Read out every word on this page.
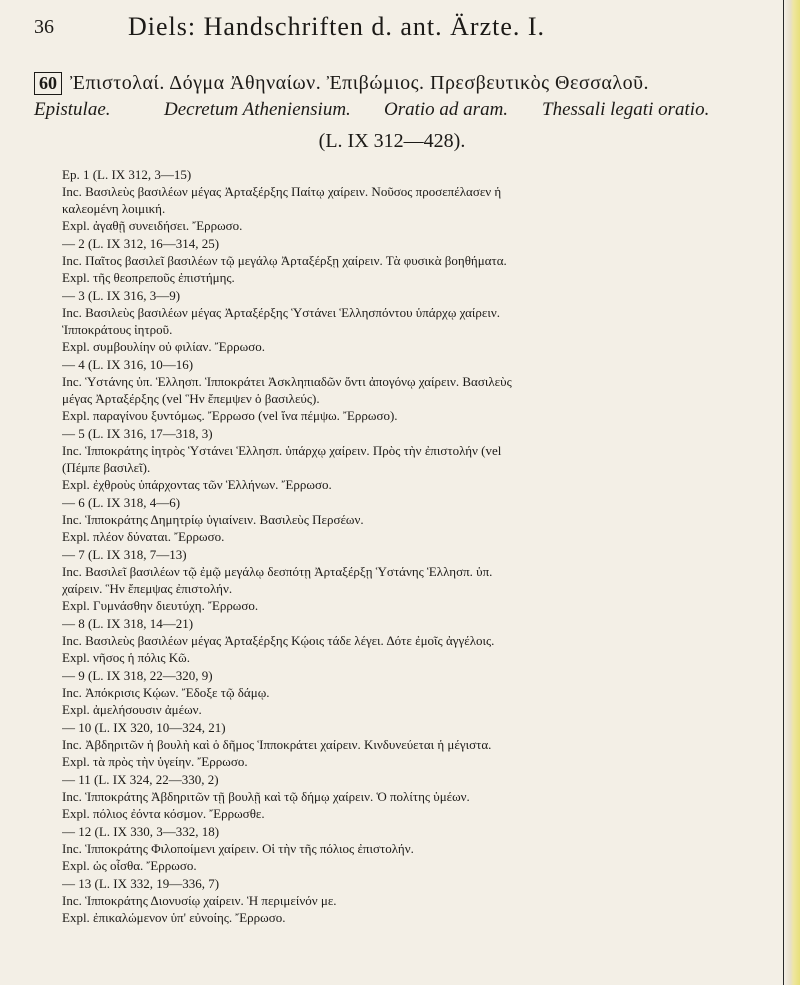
36	Diels: Handschriften d. ant. Ärzte. I.
60 Ἐπιστολαί. Δόγμα Ἀθηναίων. Ἐπιβώμιος. Πρεσβευτικὸς Θεσσαλοῦ.
Epistulae.	Decretum Atheniensium. Oratio ad aram. Thessali legati oratio.
(L. IX 312—428).
Ep. 1 (L. IX 312, 3—15)
Inc. Βασιλεὺς βασιλέων μέγας Ἀρταξέρξης Παίτῳ χαίρειν. Νοῦσος προσεπέλασεν ἡ
καλεομένη λοιμική.
Expl. ἀγαθῇ συνειδήσει. Ἔρρωσο.
— 2 (L. IX 312, 16—314, 25)
Inc. Παῖτος βασιλεῖ βασιλέων τῷ μεγάλῳ Ἀρταξέρξῃ χαίρειν. Τὰ φυσικὰ βοηθήματα.
Expl. τῆς θεοπρεποῦς ἐπιστήμης.
— 3 (L. IX 316, 3—9)
Inc. Βασιλεὺς βασιλέων μέγας Ἀρταξέρξης Ὑστάνει Ἑλλησπόντου ὑπάρχῳ χαίρειν.
Ἱπποκράτους ἰητροῦ.
Expl. συμβουλίην οὐ φιλίαν. Ἔρρωσο.
— 4 (L. IX 316, 10—16)
Inc. Ὑστάνης ὑπ. Ἑλλησπ. Ἱπποκράτει Ἀσκληπιαδῶν ὄντι ἀπογόνῳ χαίρειν. Βασιλεὺς
μέγας Ἀρταξέρξης (vel Ἣν ἔπεμψεν ὁ βασιλεύς).
Expl. παραγίνου ξυντόμως. Ἔρρωσο (vel ἵνα πέμψω. Ἔρρωσο).
— 5 (L. IX 316, 17—318, 3)
Inc. Ἱπποκράτης ἰητρὸς Ὑστάνει Ἑλλησπ. ὑπάρχῳ χαίρειν. Πρὸς τὴν ἐπιστολήν (vel
(Πέμπε βασιλεῖ).
Expl. ἐχθροὺς ὑπάρχοντας τῶν Ἑλλήνων. Ἔρρωσο.
— 6 (L. IX 318, 4—6)
Inc. Ἱπποκράτης Δημητρίῳ ὑγιαίνειν. Βασιλεὺς Περσέων.
Expl. πλέον δύναται. Ἔρρωσο.
— 7 (L. IX 318, 7—13)
Inc. Βασιλεῖ βασιλέων τῷ ἐμῷ μεγάλῳ δεσπότῃ Ἀρταξέρξῃ Ὑστάνης Ἑλλησπ. ὑπ.
χαίρειν. Ἣν ἔπεμψας ἐπιστολήν.
Expl. Γυμνάσθην διευτύχη. Ἔρρωσο.
— 8 (L. IX 318, 14—21)
Inc. Βασιλεὺς βασιλέων μέγας Ἀρταξέρξης Κῴοις τάδε λέγει. Δότε ἐμοῖς ἀγγέλοις.
Expl. νῆσος ἡ πόλις Κῶ.
— 9 (L. IX 318, 22—320, 9)
Inc. Ἀπόκρισις Κῴων. Ἔδοξε τῷ δάμῳ.
Expl. ἀμελήσουσιν ἀμέων.
— 10 (L. IX 320, 10—324, 21)
Inc. Ἀβδηριτῶν ἡ βουλὴ καὶ ὁ δῆμος Ἱπποκράτει χαίρειν. Κινδυνεύεται ἡ μέγιστα.
Expl. τὰ πρὸς τὴν ὑγείην. Ἔρρωσο.
— 11 (L. IX 324, 22—330, 2)
Inc. Ἱπποκράτης Ἀβδηριτῶν τῇ βουλῇ καὶ τῷ δήμῳ χαίρειν. Ὁ πολίτης ὑμέων.
Expl. πόλιος ἐόντα κόσμον. Ἔρρωσθε.
— 12 (L. IX 330, 3—332, 18)
Inc. Ἱπποκράτης Φιλοποίμενι χαίρειν. Οἱ τὴν τῆς πόλιος ἐπιστολήν.
Expl. ὡς οἶσθα. Ἔρρωσο.
— 13 (L. IX 332, 19—336, 7)
Inc. Ἱπποκράτης Διονυσίῳ χαίρειν. Ἡ περιμείνόν με.
Expl. ἐπικαλώμενον ὑπ' εὐνοίης. Ἔρρωσο.
